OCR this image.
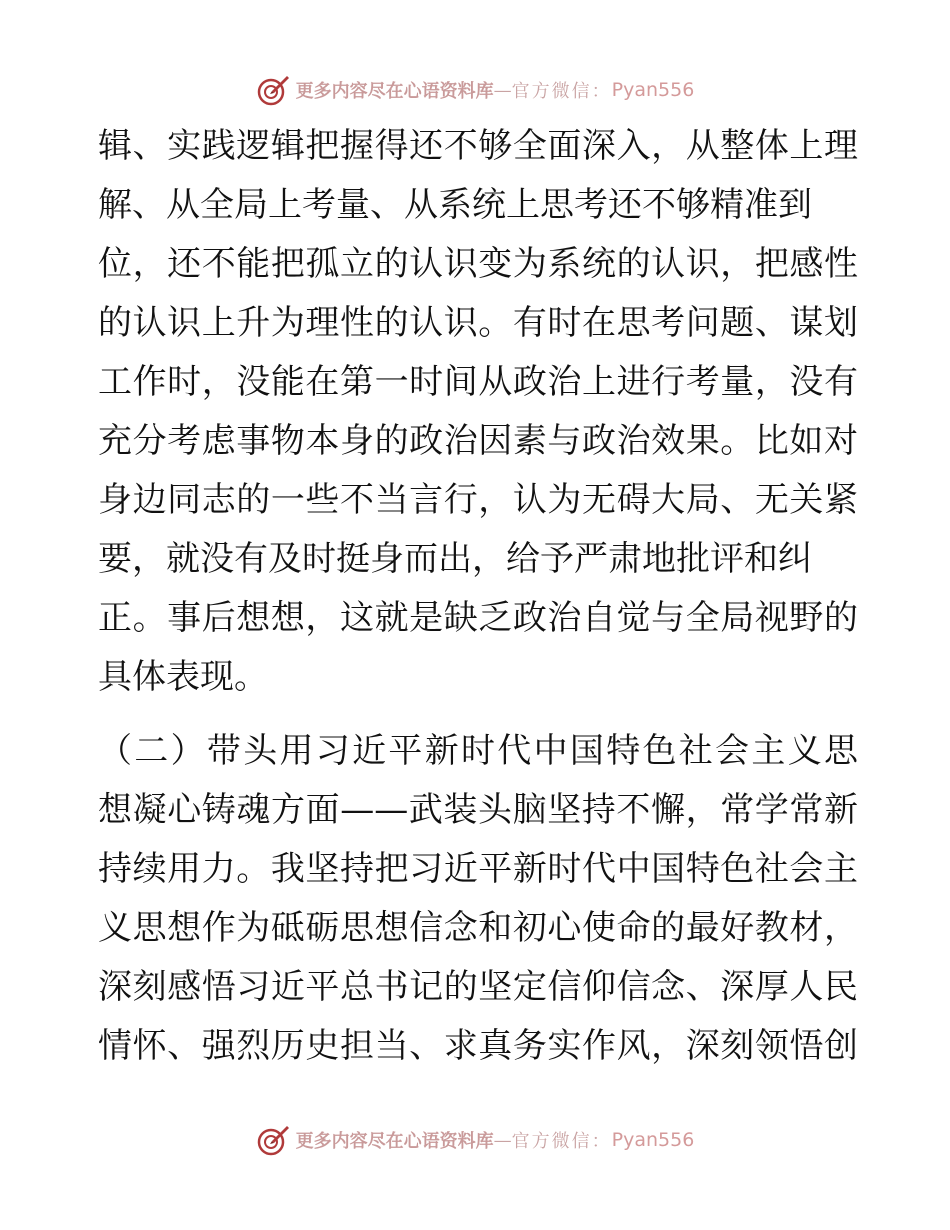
更多内容尽在心语资料库 — 官方微信： Pyan556
辑、实践逻辑把握得还不够全面深入，从整体上理
解、从全局上考量、从系统上思考还不够精准到
位，还不能把孤立的认识变为系统的认识，把感性
的认识上升为理性的认识。有时在思考问题、谋划
工作时，没能在第一时间从政治上进行考量，没有
充分考虑事物本身的政治因素与政治效果。比如对
身边同志的一些不当言行，认为无碍大局、无关紧
要，就没有及时挺身而出，给予严肃地批评和纠
正。事后想想，这就是缺乏政治自觉与全局视野的
具体表现。
（二）带头用习近平新时代中国特色社会主义思
想凝心铸魂方面——武装头脑坚持不懈，常学常新
持续用力。我坚持把习近平新时代中国特色社会主
义思想作为砥砺思想信念和初心使命的最好教材，
深刻感悟习近平总书记的坚定信仰信念、深厚人民
情怀、强烈历史担当、求真务实作风，深刻领悟创
更多内容尽在心语资料库 — 官方微信： Pyan556
